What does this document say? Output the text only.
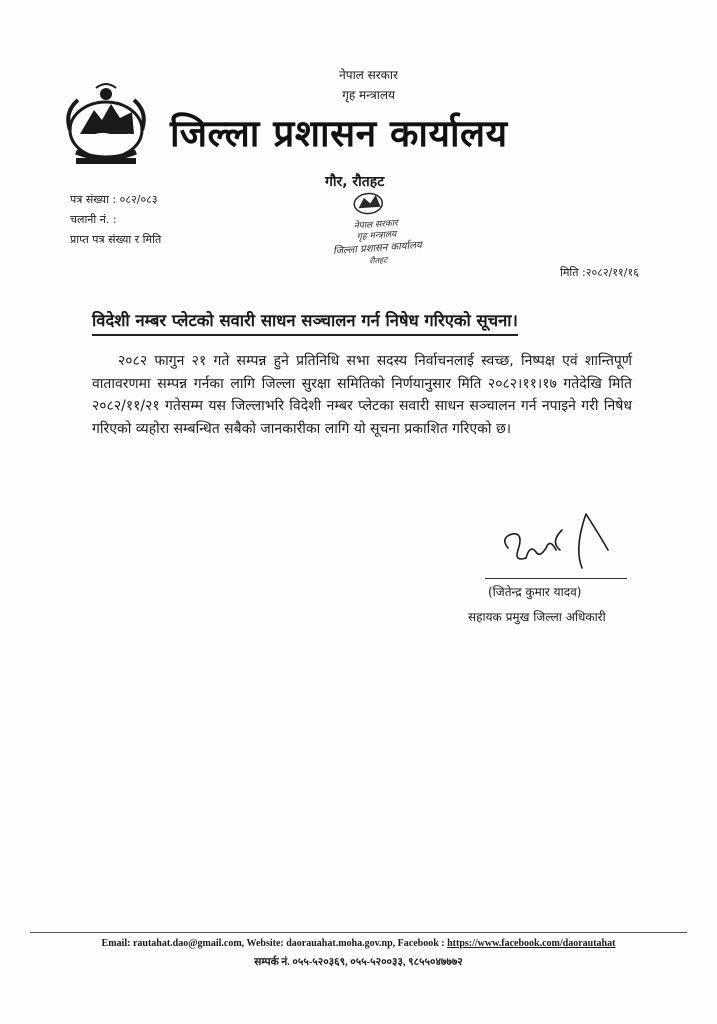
नेपाल सरकार
गृह मन्त्रालय
जिल्ला प्रशासन कार्यालय
गौर, रौतहट
पत्र संख्या : ०८२/०८३
चलानी नं. :
प्राप्त पत्र संख्या र मिति
नेपाल सरकार
गृह मन्त्रालय
जिल्ला प्रशासन कार्यालय
रौतहट
मिति :२०८२/११/१६
विदेशी नम्बर प्लेटको सवारी साधन सञ्चालन गर्न निषेध गरिएको सूचना।
२०८२ फागुन २१ गते सम्पन्न हुने प्रतिनिधि सभा सदस्य निर्वाचनलाई स्वच्छ, निष्पक्ष एवं शान्तिपूर्ण वातावरणमा सम्पन्न गर्नका लागि जिल्ला सुरक्षा समितिको निर्णयानुसार मिति २०८२।११।१७ गतेदेखि मिति २०८२/११/२१ गतेसम्म यस जिल्लाभरि विदेशी नम्बर प्लेटका सवारी साधन सञ्चालन गर्न नपाइने गरी निषेध गरिएको व्यहोरा सम्बन्धित सबैको जानकारीका लागि यो सूचना प्रकाशित गरिएको छ।
(जितेन्द्र कुमार यादव)
सहायक प्रमुख जिल्ला अधिकारी
Email: rautahat.dao@gmail.com, Website: daorauahat.moha.gov.np, Facebook : https://www.facebook.com/daorautahat
सम्पर्क नं. ०५५-५२०३६९, ०५५-५२००३३, ९८५५०४७७७२
